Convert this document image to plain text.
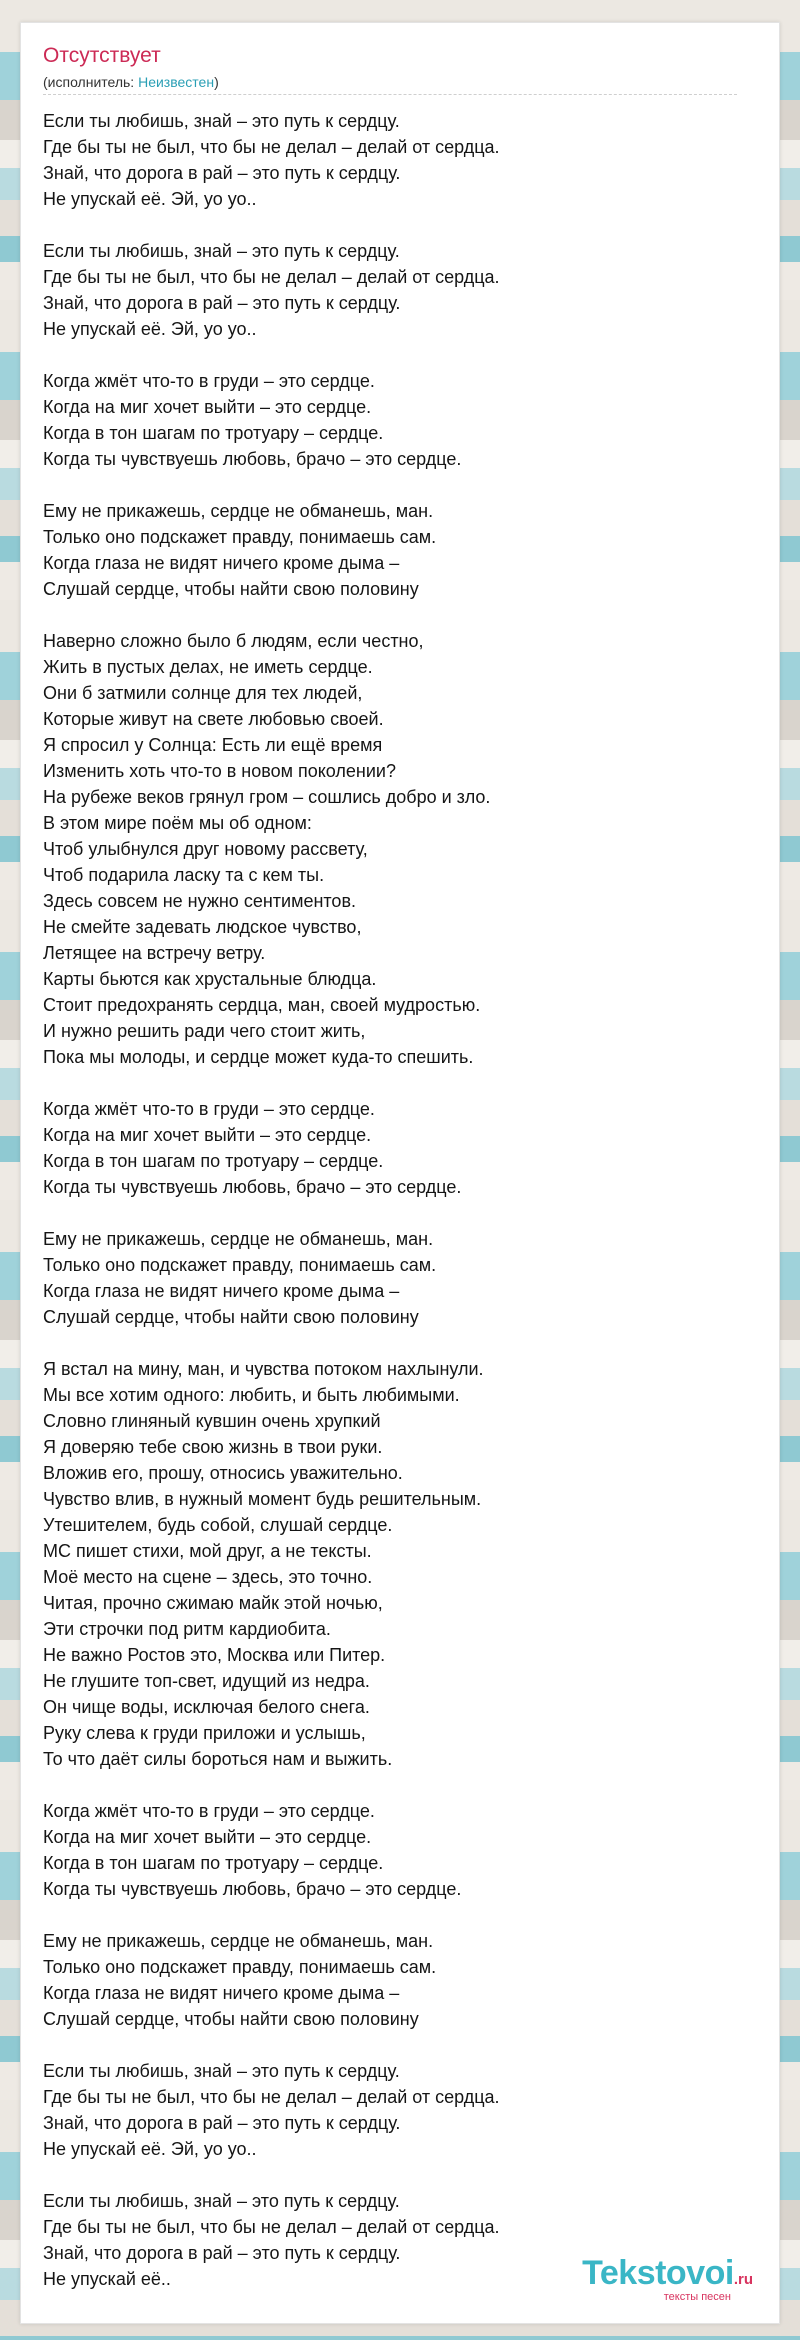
Отсутствует
(исполнитель: Неизвестен)
Если ты любишь, знай – это путь к сердцу.
Где бы ты не был, что бы не делал – делай от сердца.
Знай, что дорога в рай – это путь к сердцу.
Не упускай её. Эй, уо уо..
Если ты любишь, знай – это путь к сердцу.
Где бы ты не был, что бы не делал – делай от сердца.
Знай, что дорога в рай – это путь к сердцу.
Не упускай её. Эй, уо уо..
Когда жмёт что-то в груди – это сердце.
Когда на миг хочет выйти – это сердце.
Когда в тон шагам по тротуару – сердце.
Когда ты чувствуешь любовь, брачо – это сердце.
Ему не прикажешь, сердце не обманешь, ман.
Только оно подскажет правду, понимаешь сам.
Когда глаза не видят ничего кроме дыма –
Слушай сердце, чтобы найти свою половину
Наверно сложно было б людям, если честно,
Жить в пустых делах, не иметь сердце.
Они б затмили солнце для тех людей,
Которые живут на свете любовью своей.
Я спросил у Солнца: Есть ли ещё время
Изменить хоть что-то в новом поколении?
На рубеже веков грянул гром – сошлись добро и зло.
В этом мире поём мы об одном:
Чтоб улыбнулся друг новому рассвету,
Чтоб подарила ласку та с кем ты.
Здесь совсем не нужно сентиментов.
Не смейте задевать людское чувство,
Летящее на встречу ветру.
Карты бьются как хрустальные блюдца.
Стоит предохранять сердца, ман, своей мудростью.
И нужно решить ради чего стоит жить,
Пока мы молоды, и сердце может куда-то спешить.
Когда жмёт что-то в груди – это сердце.
Когда на миг хочет выйти – это сердце.
Когда в тон шагам по тротуару – сердце.
Когда ты чувствуешь любовь, брачо – это сердце.
Ему не прикажешь, сердце не обманешь, ман.
Только оно подскажет правду, понимаешь сам.
Когда глаза не видят ничего кроме дыма –
Слушай сердце, чтобы найти свою половину
Я встал на мину, ман, и чувства потоком нахлынули.
Мы все хотим одного: любить, и быть любимыми.
Словно глиняный кувшин очень хрупкий
Я доверяю тебе свою жизнь в твои руки.
Вложив его, прошу, относись уважительно.
Чувство влив, в нужный момент будь решительным.
Утешителем, будь собой, слушай сердце.
МС пишет стихи, мой друг, а не тексты.
Моё место на сцене – здесь, это точно.
Читая, прочно сжимаю майк этой ночью,
Эти строчки под ритм кардиобита.
Не важно Ростов это, Москва или Питер.
Не глушите топ-свет, идущий из недра.
Он чище воды, исключая белого снега.
Руку слева к груди приложи и услышь,
То что даёт силы бороться нам и выжить.
Когда жмёт что-то в груди – это сердце.
Когда на миг хочет выйти – это сердце.
Когда в тон шагам по тротуару – сердце.
Когда ты чувствуешь любовь, брачо – это сердце.
Ему не прикажешь, сердце не обманешь, ман.
Только оно подскажет правду, понимаешь сам.
Когда глаза не видят ничего кроме дыма –
Слушай сердце, чтобы найти свою половину
Если ты любишь, знай – это путь к сердцу.
Где бы ты не был, что бы не делал – делай от сердца.
Знай, что дорога в рай – это путь к сердцу.
Не упускай её. Эй, уо уо..
Если ты любишь, знай – это путь к сердцу.
Где бы ты не был, что бы не делал – делай от сердца.
Знай, что дорога в рай – это путь к сердцу.
Не упускай её..	Tekstovoi.ru
тексты песен
